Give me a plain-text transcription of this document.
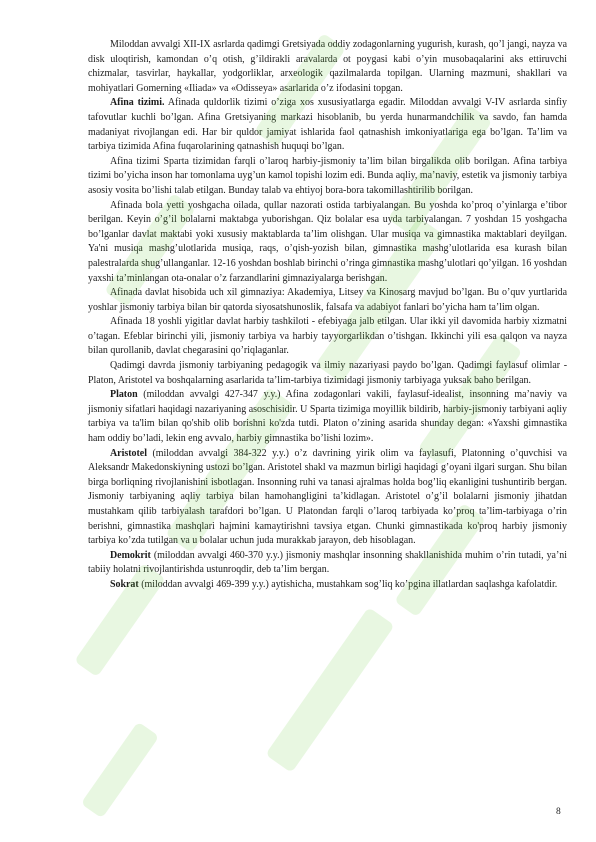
Miloddan avvalgi XII-IX asrlarda qadimgi Gretsiyada oddiy zodagonlarning yugurish, kurash, qo’l jangi, nayza va disk uloqtirish, kamondan o’q otish, g’ildirakli aravalarda ot poygasi kabi o’yin musobaqalarini aks ettiruvchi chizmalar, tasvirlar, haykallar, yodgorliklar, arxeologik qazilmalarda topilgan. Ularning mazmuni, shakllari va mohiyatlari Gomerning «Iliada» va «Odisseya» asarlarida o’z ifodasini topgan.

Afina tizimi. Afinada quldorlik tizimi o’ziga xos xususiyatlarga egadir. Miloddan avvalgi V-IV asrlarda sinfiy tafovutlar kuchli bo’lgan. Afina Gretsiyaning markazi hisoblanib, bu yerda hunarmandchilik va savdo, fan hamda madaniyat rivojlangan edi. Har bir quldor jamiyat ishlarida faol qatnashish imkoniyatlariga ega bo’lgan. Ta’lim va tarbiya tizimida Afina fuqarolarining qatnashish huquqi bo’lgan.

Afina tizimi Sparta tizimidan farqli o’laroq harbiy-jismoniy ta’lim bilan birgalikda olib borilgan. Afina tarbiya tizimi bo’yicha inson har tomonlama uyg’un kamol topishi lozim edi. Bunda aqliy, ma’naviy, estetik va jismoniy tarbiya asosiy vosita bo’lishi talab etilgan. Bunday talab va ehtiyoj bora-bora takomillashtirilib borilgan.

Afinada bola yetti yoshgacha oilada, qullar nazorati ostida tarbiyalangan. Bu yoshda ko’proq o’yinlarga e’tibor berilgan. Keyin o’g’il bolalarni maktabga yuborishgan. Qiz bolalar esa uyda tarbiyalangan. 7 yoshdan 15 yoshgacha bo’lganlar davlat maktabi yoki xususiy maktablarda ta’lim olishgan. Ular musiqa va gimnastika maktablari deyilgan. Ya'ni musiqa mashg’ulotlarida musiqa, raqs, o’qish-yozish bilan, gimnastika mashg’ulotlarida esa kurash bilan palestralarda shug’ullanganlar. 12-16 yoshdan boshlab birinchi o’ringa gimnastika mashg’ulotlari qo’yilgan. 16 yoshdan yaxshi ta’minlangan ota-onalar o’z farzandlarini gimnaziyalarga berishgan.

Afinada davlat hisobida uch xil gimnaziya: Akademiya, Litsey va Kinosarg mavjud bo’lgan. Bu o’quv yurtlarida yoshlar jismoniy tarbiya bilan bir qatorda siyosatshunoslik, falsafa va adabiyot fanlari bo’yicha ham ta’lim olgan.

Afinada 18 yoshli yigitlar davlat harbiy tashkiloti - efebiyaga jalb etilgan. Ular ikki yil davomida harbiy xizmatni o’tagan. Efeblar birinchi yili, jismoniy tarbiya va harbiy tayyorgarlikdan o’tishgan. Ikkinchi yili esa qalqon va nayza bilan qurollanib, davlat chegarasini qo’riqlaganlar.

Qadimgi davrda jismoniy tarbiyaning pedagogik va ilmiy nazariyasi paydo bo’lgan. Qadimgi faylasuf olimlar - Platon, Aristotel va boshqalarning asarlarida ta’lim-tarbiya tizimidagi jismoniy tarbiyaga yuksak baho berilgan.

Platon (miloddan avvalgi 427-347 y.y.) Afina zodagonlari vakili, faylasuf-idealist, insonning ma’naviy va jismoniy sifatlari haqidagi nazariyaning asoschisidir. U Sparta tizimiga moyillik bildirib, harbiy-jismoniy tarbiyani aqliy tarbiya va ta'lim bilan qo'shib olib borishni ko'zda tutdi. Platon o’zining asarida shunday degan: «Yaxshi gimnastika ham oddiy bo’ladi, lekin eng avvalo, harbiy gimnastika bo’lishi lozim».

Aristotel (miloddan avvalgi 384-322 y.y.) o’z davrining yirik olim va faylasufi, Platonning o’quvchisi va Aleksandr Makedonskiyning ustozi bo’lgan. Aristotel shakl va mazmun birligi haqidagi g’oyani ilgari surgan. Shu bilan birga borliqning rivojlanishini isbotlagan. Insonning ruhi va tanasi ajralmas holda bog’liq ekanligini tushuntirib bergan. Jismoniy tarbiyaning aqliy tarbiya bilan hamohangligini ta’kidlagan. Aristotel o’g’il bolalarni jismoniy jihatdan mustahkam qilib tarbiyalash tarafdori bo’lgan. U Platondan farqli o’laroq tarbiyada ko’proq ta’lim-tarbiyaga o’rin berishni, gimnastika mashqlari hajmini kamaytirishni tavsiya etgan. Chunki gimnastikada ko'proq harbiy jismoniy tarbiya ko’zda tutilgan va u bolalar uchun juda murakkab jarayon, deb hisoblagan.

Demokrit (miloddan avvalgi 460-370 y.y.) jismoniy mashqlar insonning shakllanishida muhim o’rin tutadi, ya’ni tabiiy holatni rivojlantirishda ustunroqdir, deb ta’lim bergan.

Sokrat (miloddan avvalgi 469-399 y.y.) aytishicha, mustahkam sog’liq ko’pgina illatlardan saqlashga kafolatdir.

8
